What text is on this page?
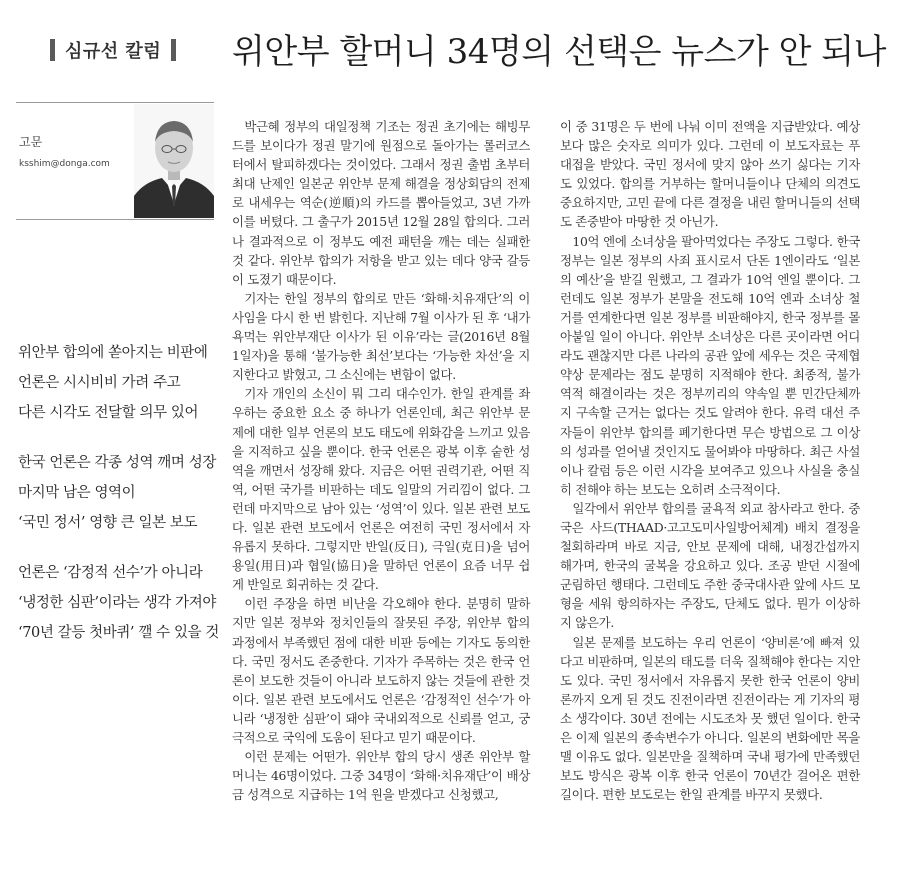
심규선 칼럼 위안부 할머니 34명의 선택은 뉴스가 안 되나
고문
ksshim@donga.com
위안부 합의에 쏟아지는 비판에
언론은 시시비비 가려 주고
다른 시각도 전달할 의무 있어
한국 언론은 각종 성역 깨며 성장
마지막 남은 영역이
‘국민 정서’ 영향 큰 일본 보도
언론은 ‘감정적 선수’가 아니라
‘냉정한 심판’이라는 생각 가져야
‘70년 갈등 첫바퀴’ 깰 수 있을 것

박근혜 정부의 대일정책 기조는 정권 초기에는 해빙무드를 보이다가 정권 말기에 원점으로 돌아가는 롤러코스터에서 탈피하겠다는 것이었다. 그래서 정권 출범 초부터 최대 난제인 일본군 위안부 문제 해결을 정상회담의 전제로 내세우는 역순(逆順)의 카드를 뽑아들었고, 3년 가까이를 버텼다. 그 출구가 2015년 12월 28일 합의다. 그러나 결과적으로 이 정부도 예전 패턴을 깨는 데는 실패한 것 같다. 위안부 합의가 저항을 받고 있는 데다 양국 갈등이 도졌기 때문이다.

기자는 한일 정부의 합의로 만든 ‘화해·치유재단’의 이사임을 다시 한 번 밝힌다. 지난해 7월 이사가 된 후 ‘내가 욕먹는 위안부재단 이사가 된 이유’라는 글(2016년 8월 1일자)을 통해 ‘불가능한 최선’보다는 ‘가능한 차선’을 지지한다고 밝혔고, 그 소신에는 변함이 없다.

기자 개인의 소신이 뭐 그리 대수인가. 한일 관계를 좌우하는 중요한 요소 중 하나가 언론인데, 최근 위안부 문제에 대한 일부 언론의 보도 태도에 위화감을 느끼고 있음을 지적하고 싶을 뿐이다. 한국 언론은 광복 이후 숱한 성역을 깨면서 성장해 왔다. 지금은 어떤 권력기관, 어떤 직역, 어떤 국가를 비판하는 데도 일말의 거리낌이 없다. 그런데 마지막으로 남아 있는 ‘성역’이 있다. 일본 관련 보도다. 일본 관련 보도에서 언론은 여전히 국민 정서에서 자유롭지 못하다. 그렇지만 반일(反日), 극일(克日)을 넘어 용일(用日)과 협일(協日)을 말하던 언론이 요즘 너무 쉽게 반일로 회귀하는 것 같다.

이런 주장을 하면 비난을 각오해야 한다. 분명히 말하지만 일본 정부와 정치인들의 잘못된 주장, 위안부 합의 과정에서 부족했던 점에 대한 비판 등에는 기자도 동의한다. 국민 정서도 존중한다. 기자가 주목하는 것은 한국 언론이 보도한 것들이 아니라 보도하지 않는 것들에 관한 것이다. 일본 관련 보도에서도 언론은 ‘감정적인 선수’가 아니라 ‘냉정한 심판’이 돼야 국내외적으로 신뢰를 얻고, 궁극적으로 국익에 도움이 된다고 믿기 때문이다.

이런 문제는 어떤가. 위안부 합의 당시 생존 위안부 할머니는 46명이었다. 그중 34명이 ‘화해·치유재단’이 배상금 성격으로 지급하는 1억 원을 받겠다고 신청했고,

이 중 31명은 두 번에 나눠 이미 전액을 지급받았다. 예상보다 많은 숫자로 의미가 있다. 그런데 이 보도자료는 푸대접을 받았다. 국민 정서에 맞지 않아 쓰기 싫다는 기자도 있었다. 합의를 거부하는 할머니들이나 단체의 의견도 중요하지만, 고민 끝에 다른 결정을 내린 할머니들의 선택도 존중받아 마땅한 것 아닌가.

10억 엔에 소녀상을 팔아먹었다는 주장도 그렇다. 한국 정부는 일본 정부의 사죄 표시로서 단돈 1엔이라도 ‘일본의 예산’을 받길 원했고, 그 결과가 10억 엔일 뿐이다. 그런데도 일본 정부가 본말을 전도해 10억 엔과 소녀상 철거를 연계한다면 일본 정부를 비판해야지, 한국 정부를 몰아붙일 일이 아니다. 위안부 소녀상은 다른 곳이라면 어디라도 괜찮지만 다른 나라의 공관 앞에 세우는 것은 국제협약상 문제라는 점도 분명히 지적해야 한다. 최종적, 불가역적 해결이라는 것은 정부끼리의 약속일 뿐 민간단체까지 구속할 근거는 없다는 것도 알려야 한다. 유력 대선 주자들이 위안부 합의를 폐기한다면 무슨 방법으로 그 이상의 성과를 얻어낼 것인지도 물어봐야 마땅하다. 최근 사설이나 칼럼 등은 이런 시각을 보여주고 있으나 사실을 충실히 전해야 하는 보도는 오히려 소극적이다.

일각에서 위안부 합의를 굴욕적 외교 참사라고 한다. 중국은 사드(THAAD·고고도미사일방어체계) 배치 결정을 철회하라며 바로 지금, 안보 문제에 대해, 내정간섭까지 해가며, 한국의 굴복을 강요하고 있다. 조공 받던 시절에 군림하던 행태다. 그런데도 주한 중국대사관 앞에 사드 모형을 세워 항의하자는 주장도, 단체도 없다. 뭔가 이상하지 않은가.

일본 문제를 보도하는 우리 언론이 ‘양비론’에 빠져 있다고 비판하며, 일본의 태도를 더욱 질책해야 한다는 지안도 있다. 국민 정서에서 자유롭지 못한 한국 언론이 양비론까지 오게 된 것도 진전이라면 진전이라는 게 기자의 평소 생각이다. 30년 전에는 시도조차 못 했던 일이다. 한국은 이제 일본의 종속변수가 아니다. 일본의 변화에만 목을 맬 이유도 없다. 일본만을 질책하며 국내 평가에 만족했던 보도 방식은 광복 이후 한국 언론이 70년간 걸어온 편한 길이다. 편한 보도로는 한일 관계를 바꾸지 못했다.
